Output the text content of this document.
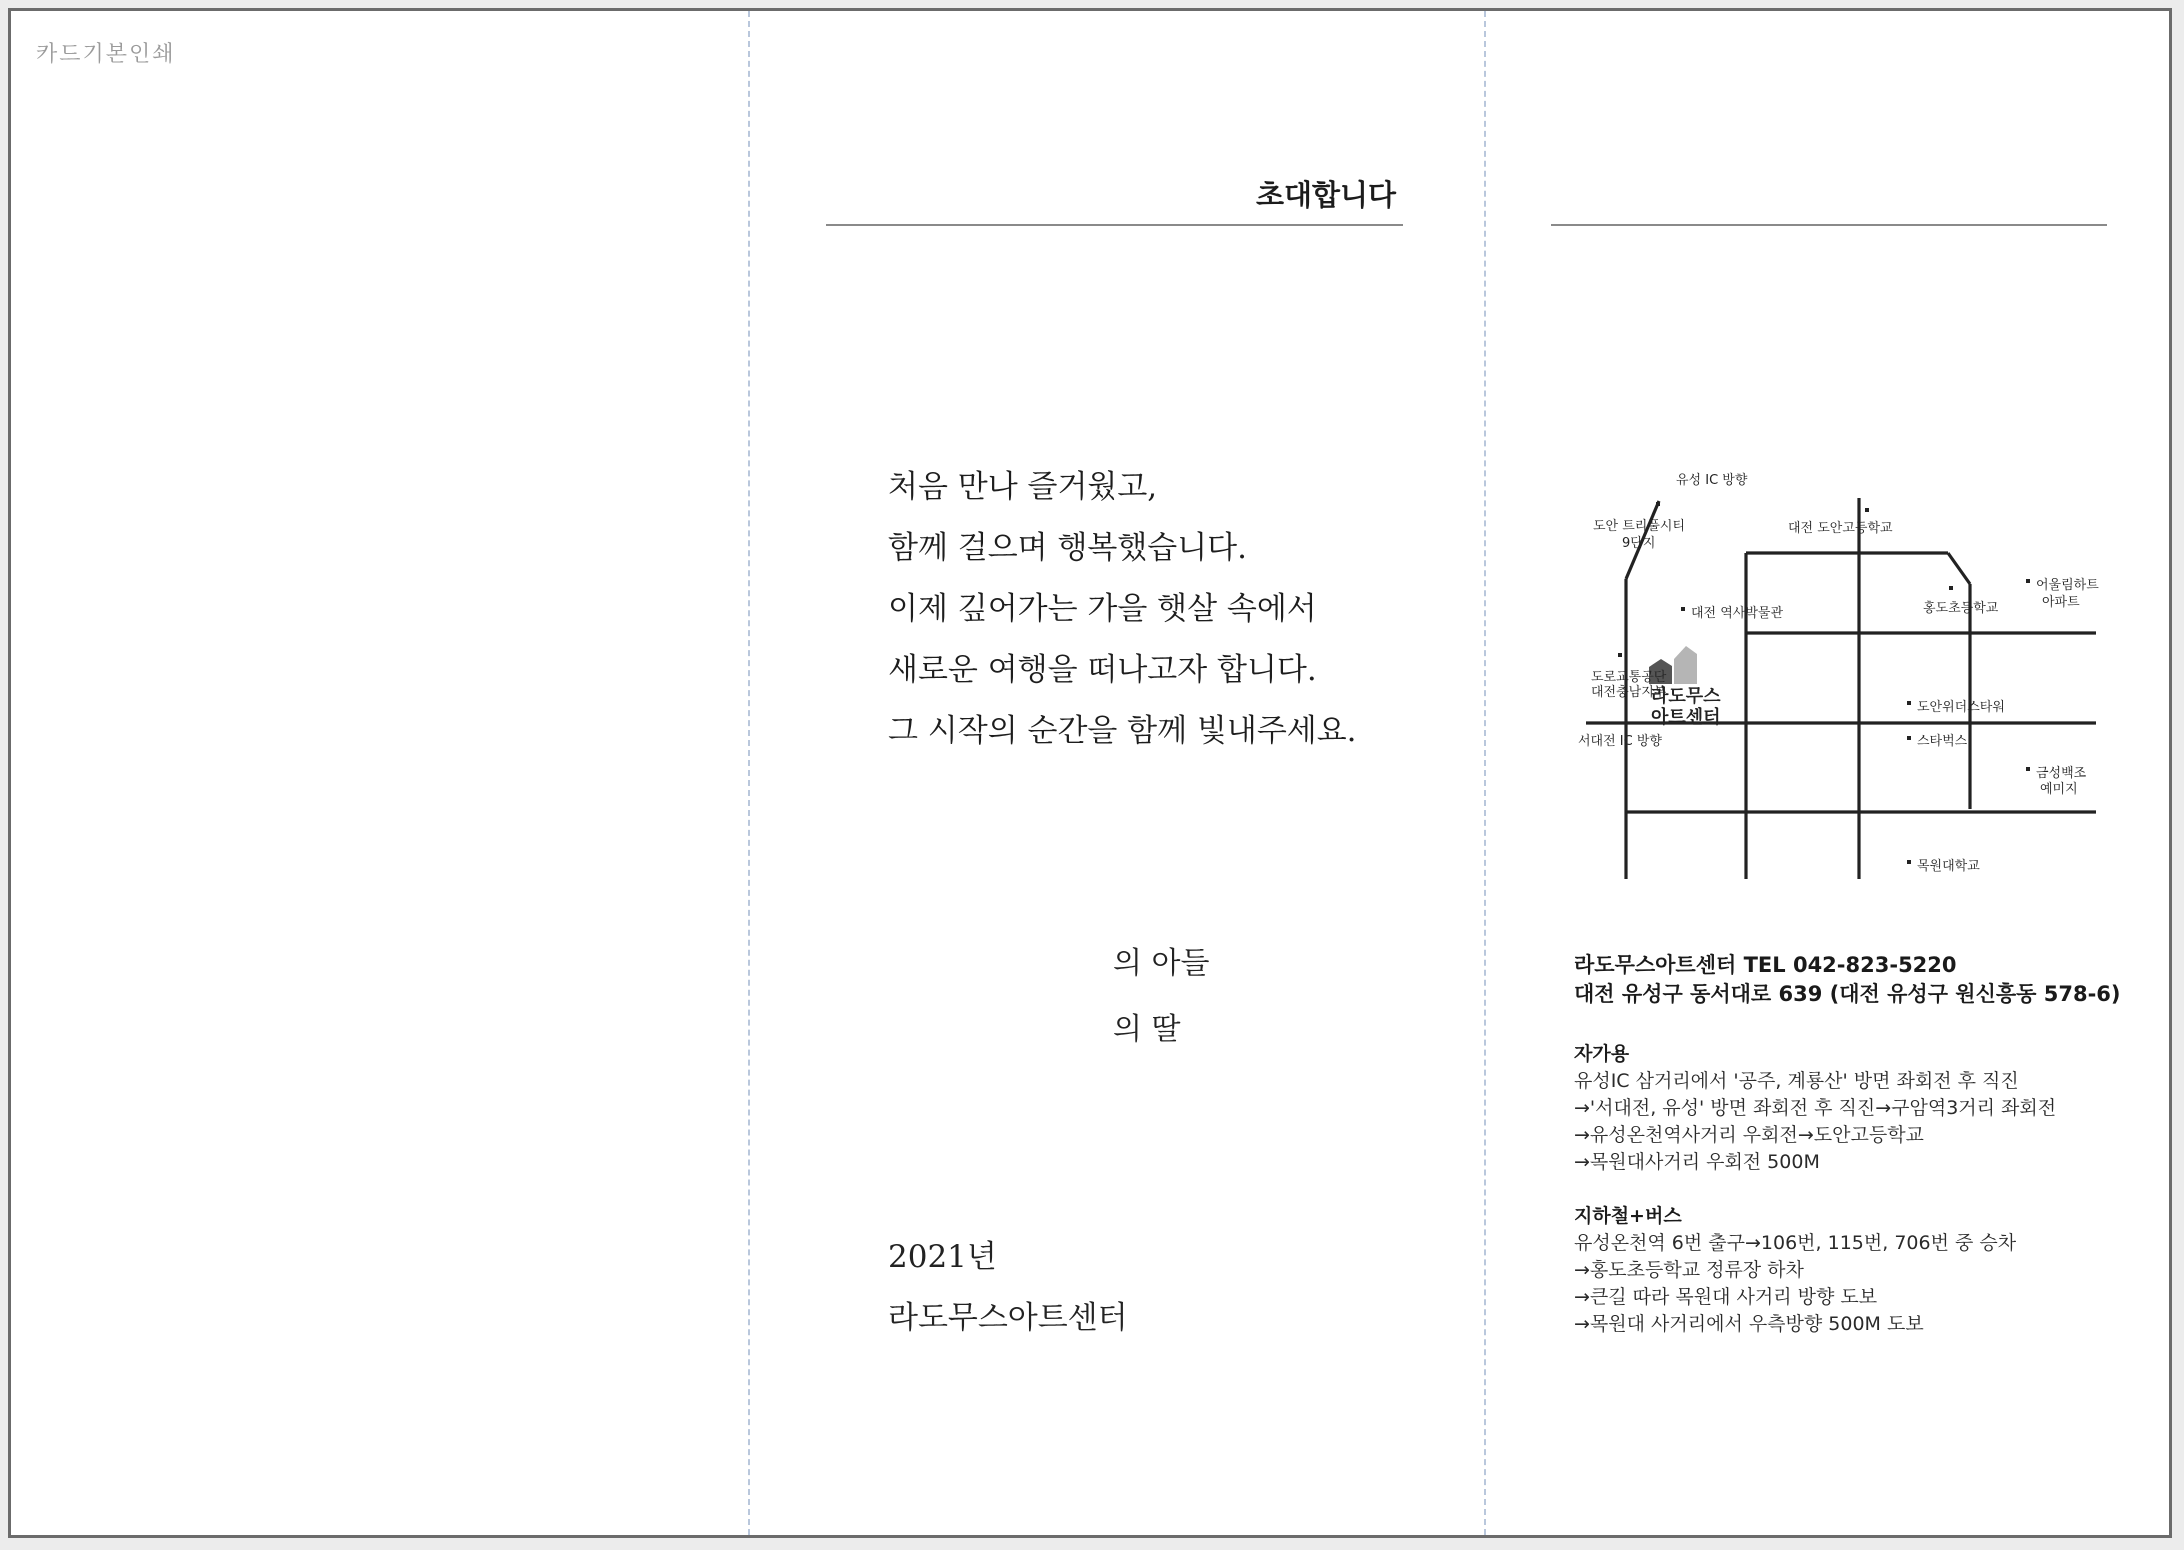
카드기본인쇄
초대합니다
처음 만나 즐거웠고,
함께 걸으며 행복했습니다.
이제 깊어가는 가을 햇살 속에서
새로운 여행을 떠나고자 합니다.
그 시작의 순간을 함께 빛내주세요.
의 아들
의 딸
2021년
라도무스아트센터
유성 IC 방향
도안 트리풀시티
9단지
대전 도안고등학교
대전 역사박물관	홍도초등학교
어울림하트
아파트
도로교통공단
대전충남지부
도안위더스타워
서대전 IC 방향	스타벅스
금성백조
예미지
목원대학교
라도무스
아트센터
라도무스아트센터 TEL 042-823-5220
대전 유성구 동서대로 639 (대전 유성구 원신흥동 578-6)
자가용
유성IC 삼거리에서 '공주, 계룡산' 방면 좌회전 후 직진
→'서대전, 유성' 방면 좌회전 후 직진→구암역3거리 좌회전
→유성온천역사거리 우회전→도안고등학교
→목원대사거리 우회전 500M
지하철+버스
유성온천역 6번 출구→106번, 115번, 706번 중 승차
→홍도초등학교 정류장 하차
→큰길 따라 목원대 사거리 방향 도보
→목원대 사거리에서 우측방향 500M 도보
